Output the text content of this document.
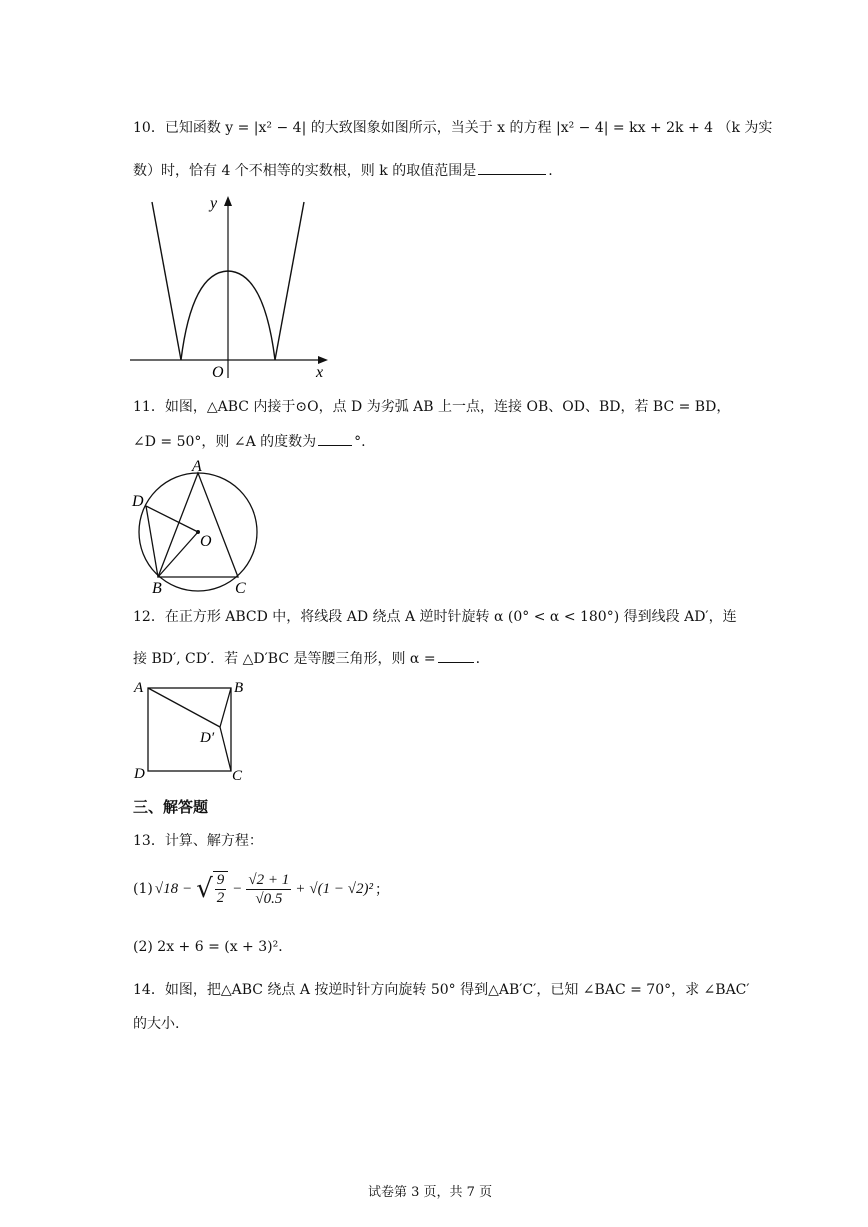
10．已知函数 y = |x² − 4| 的大致图象如图所示，当关于 x 的方程 |x² − 4| = kx + 2k + 4 （k 为实
数）时，恰有 4 个不相等的实数根，则 k 的取值范围是	.
O	x
y
11．如图，△ABC 内接于⊙O，点 D 为劣弧 AB 上一点，连接 OB、OD、BD，若 BC = BD，
∠D = 50°，则 ∠A 的度数为	°.
A
B	C
D
O
12．在正方形 ABCD 中，将线段 AD 绕点 A 逆时针旋转 α (0° < α < 180°) 得到线段 AD′，连
接 BD′, CD′．若 △D′BC 是等腰三角形，则 α =	.
A	B
C
D
D′
三、解答题
13．计算、解方程：
(1) √18 − √ $\frac{9}{2} - \frac{√2 + 1}{√0.5} + √(1 - √2)^2$ ；
(2) 2x + 6 = (x + 3)²．
14．如图，把△ABC 绕点 A 按逆时针方向旋转 50° 得到△AB′C′，已知 ∠BAC = 70°，求 ∠BAC′
的大小.
试卷第 3 页，共 7 页
